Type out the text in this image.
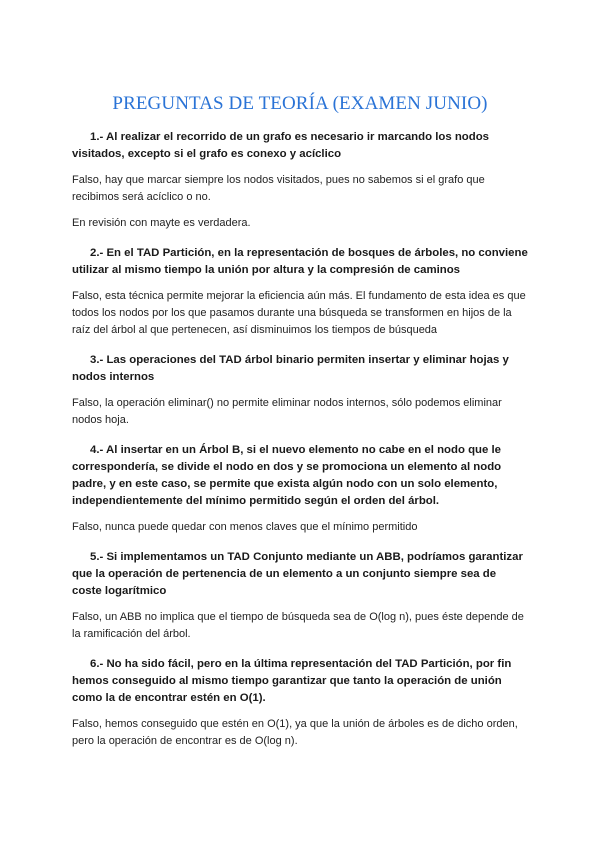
PREGUNTAS DE TEORÍA (EXAMEN JUNIO)

1.- Al realizar el recorrido de un grafo es necesario ir marcando los nodos visitados, excepto si el grafo es conexo y acíclico

Falso, hay que marcar siempre los nodos visitados, pues no sabemos si el grafo que recibimos será acíclico o no.

En revisión con mayte es verdadera.

2.- En el TAD Partición, en la representación de bosques de árboles, no conviene utilizar al mismo tiempo la unión por altura y la compresión de caminos

Falso, esta técnica permite mejorar la eficiencia aún más. El fundamento de esta idea es que todos los nodos por los que pasamos durante una búsqueda se transformen en hijos de la raíz del árbol al que pertenecen, así disminuimos los tiempos de búsqueda

3.- Las operaciones del TAD árbol binario permiten insertar y eliminar hojas y nodos internos

Falso, la operación eliminar() no permite eliminar nodos internos, sólo podemos eliminar nodos hoja.

4.- Al insertar en un Árbol B, si el nuevo elemento no cabe en el nodo que le correspondería, se divide el nodo en dos y se promociona un elemento al nodo padre, y en este caso, se permite que exista algún nodo con un solo elemento, independientemente del mínimo permitido según el orden del árbol.

Falso, nunca puede quedar con menos claves que el mínimo permitido

5.- Si implementamos un TAD Conjunto mediante un ABB, podríamos garantizar que la operación de pertenencia de un elemento a un conjunto siempre sea de coste logarítmico

Falso, un ABB no implica que el tiempo de búsqueda sea de O(log n), pues éste depende de la ramificación del árbol.

6.- No ha sido fácil, pero en la última representación del TAD Partición, por fin hemos conseguido al mismo tiempo garantizar que tanto la operación de unión como la de encontrar estén en O(1).

Falso, hemos conseguido que estén en O(1), ya que la unión de árboles es de dicho orden, pero la operación de encontrar es de O(log n).
